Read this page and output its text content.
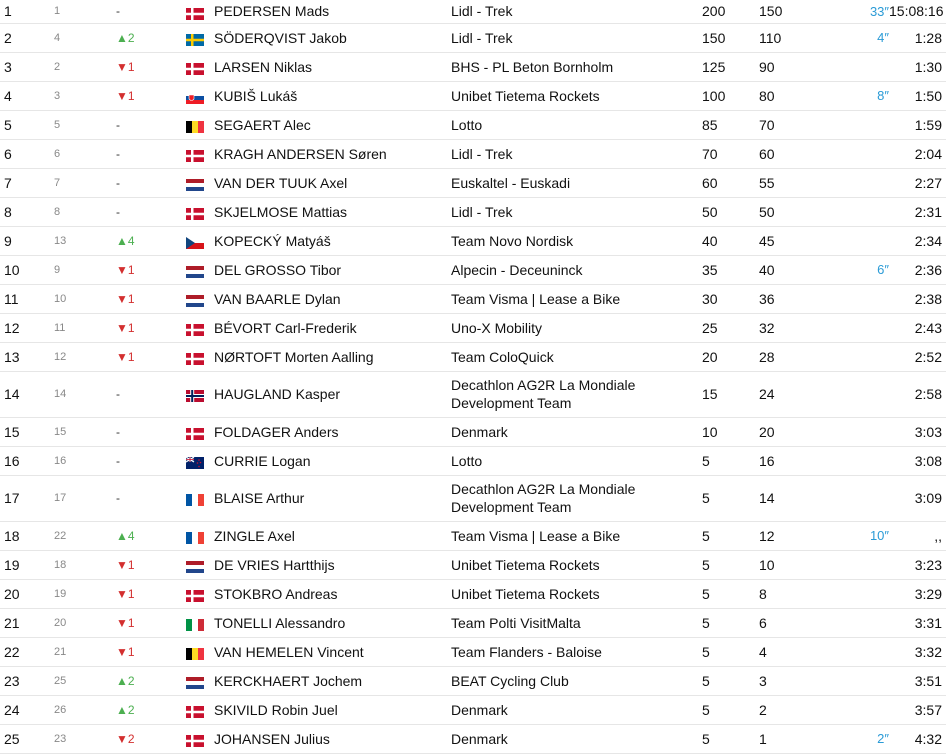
1	1	-		PEDERSEN Mads	Lidl - Trek	200	150	33″	15:08:16
2	4	▲2		SÖDERQVIST Jakob	Lidl - Trek	150	110	4″	1:28
3	2	▼1		LARSEN Niklas	BHS - PL Beton Bornholm	125	90		1:30
4	3	▼1		KUBIŠ Lukáš	Unibet Tietema Rockets	100	80	8″	1:50
5	5	-		SEGAERT Alec	Lotto	85	70		1:59
6	6	-		KRAGH ANDERSEN Søren	Lidl - Trek	70	60		2:04
7	7	-		VAN DER TUUK Axel	Euskaltel - Euskadi	60	55		2:27
8	8	-		SKJELMOSE Mattias	Lidl - Trek	50	50		2:31
9	13	▲4		KOPECKÝ Matyáš	Team Novo Nordisk	40	45		2:34
10	9	▼1		DEL GROSSO Tibor	Alpecin - Deceuninck	35	40	6″	2:36
11	10	▼1		VAN BAARLE Dylan	Team Visma | Lease a Bike	30	36		2:38
12	11	▼1		BÉVORT Carl-Frederik	Uno-X Mobility	25	32		2:43
13	12	▼1		NØRTOFT Morten Aalling	Team ColoQuick	20	28		2:52
14	14	-		HAUGLAND Kasper	Decathlon AG2R La Mondiale Development Team	15	24		2:58
15	15	-		FOLDAGER Anders	Denmark	10	20		3:03
16	16	-		CURRIE Logan	Lotto	5	16		3:08
17	17	-		BLAISE Arthur	Decathlon AG2R La Mondiale Development Team	5	14		3:09
18	22	▲4		ZINGLE Axel	Team Visma | Lease a Bike	5	12	10″	,,
19	18	▼1		DE VRIES Hartthijs	Unibet Tietema Rockets	5	10		3:23
20	19	▼1		STOKBRO Andreas	Unibet Tietema Rockets	5	8		3:29
21	20	▼1		TONELLI Alessandro	Team Polti VisitMalta	5	6		3:31
22	21	▼1		VAN HEMELEN Vincent	Team Flanders - Baloise	5	4		3:32
23	25	▲2		KERCKHAERT Jochem	BEAT Cycling Club	5	3		3:51
24	26	▲2		SKIVILD Robin Juel	Denmark	5	2		3:57
25	23	▼2		JOHANSEN Julius	Denmark	5	1	2″	4:32
